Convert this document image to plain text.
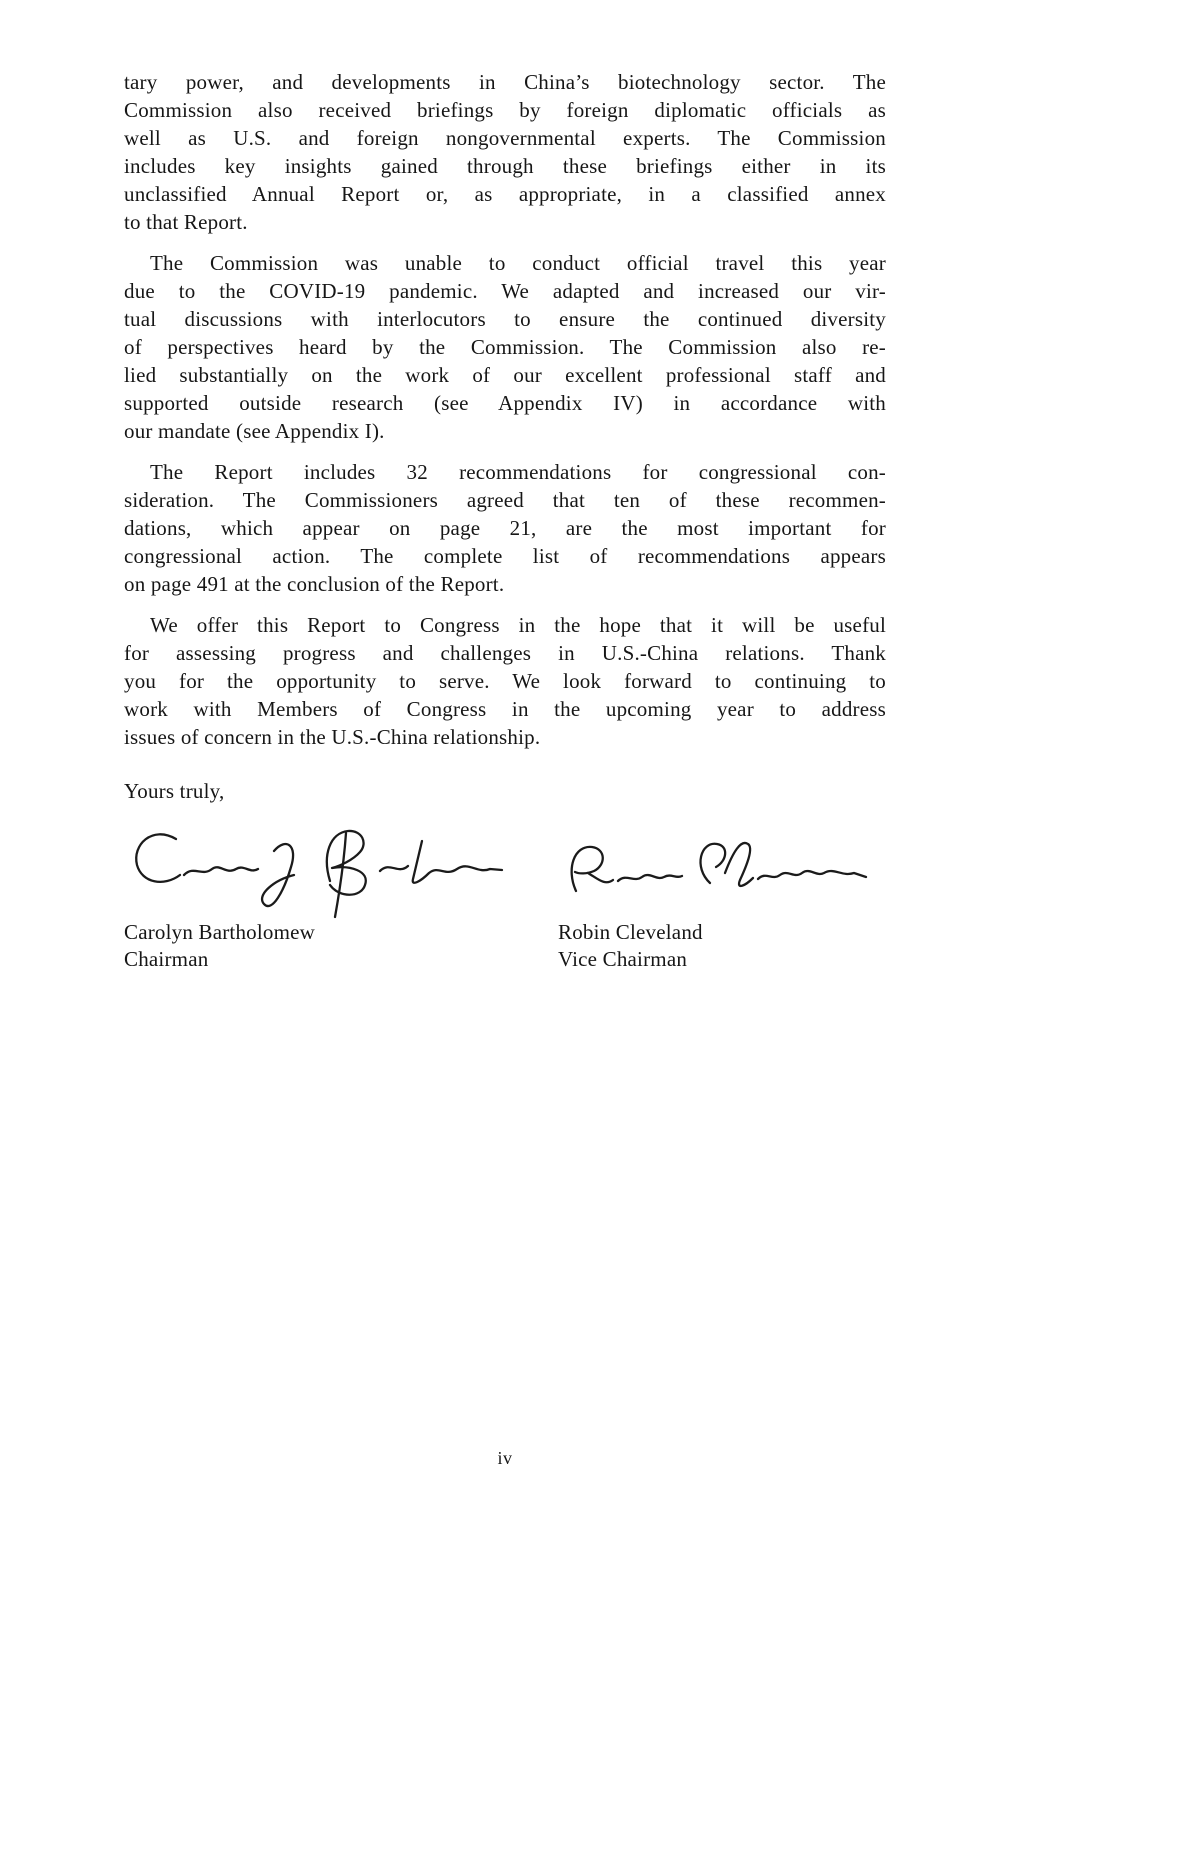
tary power, and developments in China’s biotechnology sector. The
Commission also received briefings by foreign diplomatic officials as
well as U.S. and foreign nongovernmental experts. The Commission
includes key insights gained through these briefings either in its
unclassified Annual Report or, as appropriate, in a classified annex
to that Report.
The Commission was unable to conduct official travel this year
due to the COVID-19 pandemic. We adapted and increased our vir-
tual discussions with interlocutors to ensure the continued diversity
of perspectives heard by the Commission. The Commission also re-
lied substantially on the work of our excellent professional staff and
supported outside research (see Appendix IV) in accordance with
our mandate (see Appendix I).
The Report includes 32 recommendations for congressional con-
sideration. The Commissioners agreed that ten of these recommen-
dations, which appear on page 21, are the most important for
congressional action. The complete list of recommendations appears
on page 491 at the conclusion of the Report.
We offer this Report to Congress in the hope that it will be useful
for assessing progress and challenges in U.S.-China relations. Thank
you for the opportunity to serve. We look forward to continuing to
work with Members of Congress in the upcoming year to address
issues of concern in the U.S.-China relationship.
Yours truly,
Carolyn Bartholomew
Chairman
Robin Cleveland
Vice Chairman
iv
